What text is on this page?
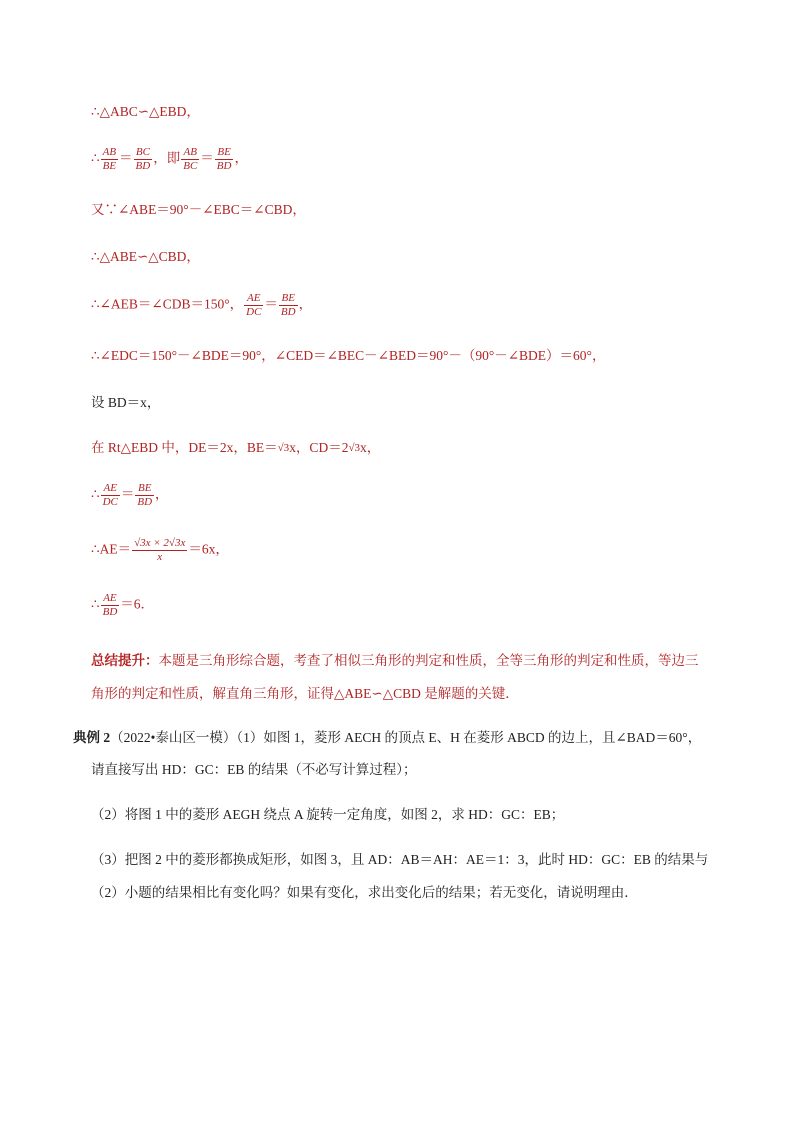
∴△ABC∽△EBD，
∴ $\frac{AB}{BE} = \frac{BC}{BD}$ ，即 $\frac{AB}{BC} = \frac{BE}{BD}$ ，
又∵∠ABE＝90°－∠EBC＝∠CBD，
∴△ABE∽△CBD，
∴∠AEB＝∠CDB＝150°， $\frac{AE}{DC} = \frac{BE}{BD}$ ，
∴∠EDC＝150°－∠BDE＝90°，∠CED＝∠BEC－∠BED＝90°－（90°－∠BDE）＝60°，
设 BD＝x，
在 Rt△EBD 中，DE＝2x，BE＝√3x，CD＝2√3x，
∴ $\frac{AE}{DC} = \frac{BE}{BD}$ ，
∴AE＝ $\frac{√3x \times 2√3x}{x} =6x$，
∴ $\frac{AE}{BD} =6$．
总结提升：本题是三角形综合题，考查了相似三角形的判定和性质，全等三角形的判定和性质，等边三
角形的判定和性质，解直角三角形，证得△ABE∽△CBD 是解题的关键．
典例 2（2022•泰山区一模）（1）如图 1，菱形 AECH 的顶点 E、H 在菱形 ABCD 的边上，且∠BAD＝60°，
请直接写出 HD：GC：EB 的结果（不必写计算过程）；
（2）将图 1 中的菱形 AEGH 绕点 A 旋转一定角度，如图 2，求 HD：GC：EB；
（3）把图 2 中的菱形都换成矩形，如图 3，且 AD：AB＝AH：AE＝1：3，此时 HD：GC：EB 的结果与
（2）小题的结果相比有变化吗？如果有变化，求出变化后的结果；若无变化，请说明理由．
